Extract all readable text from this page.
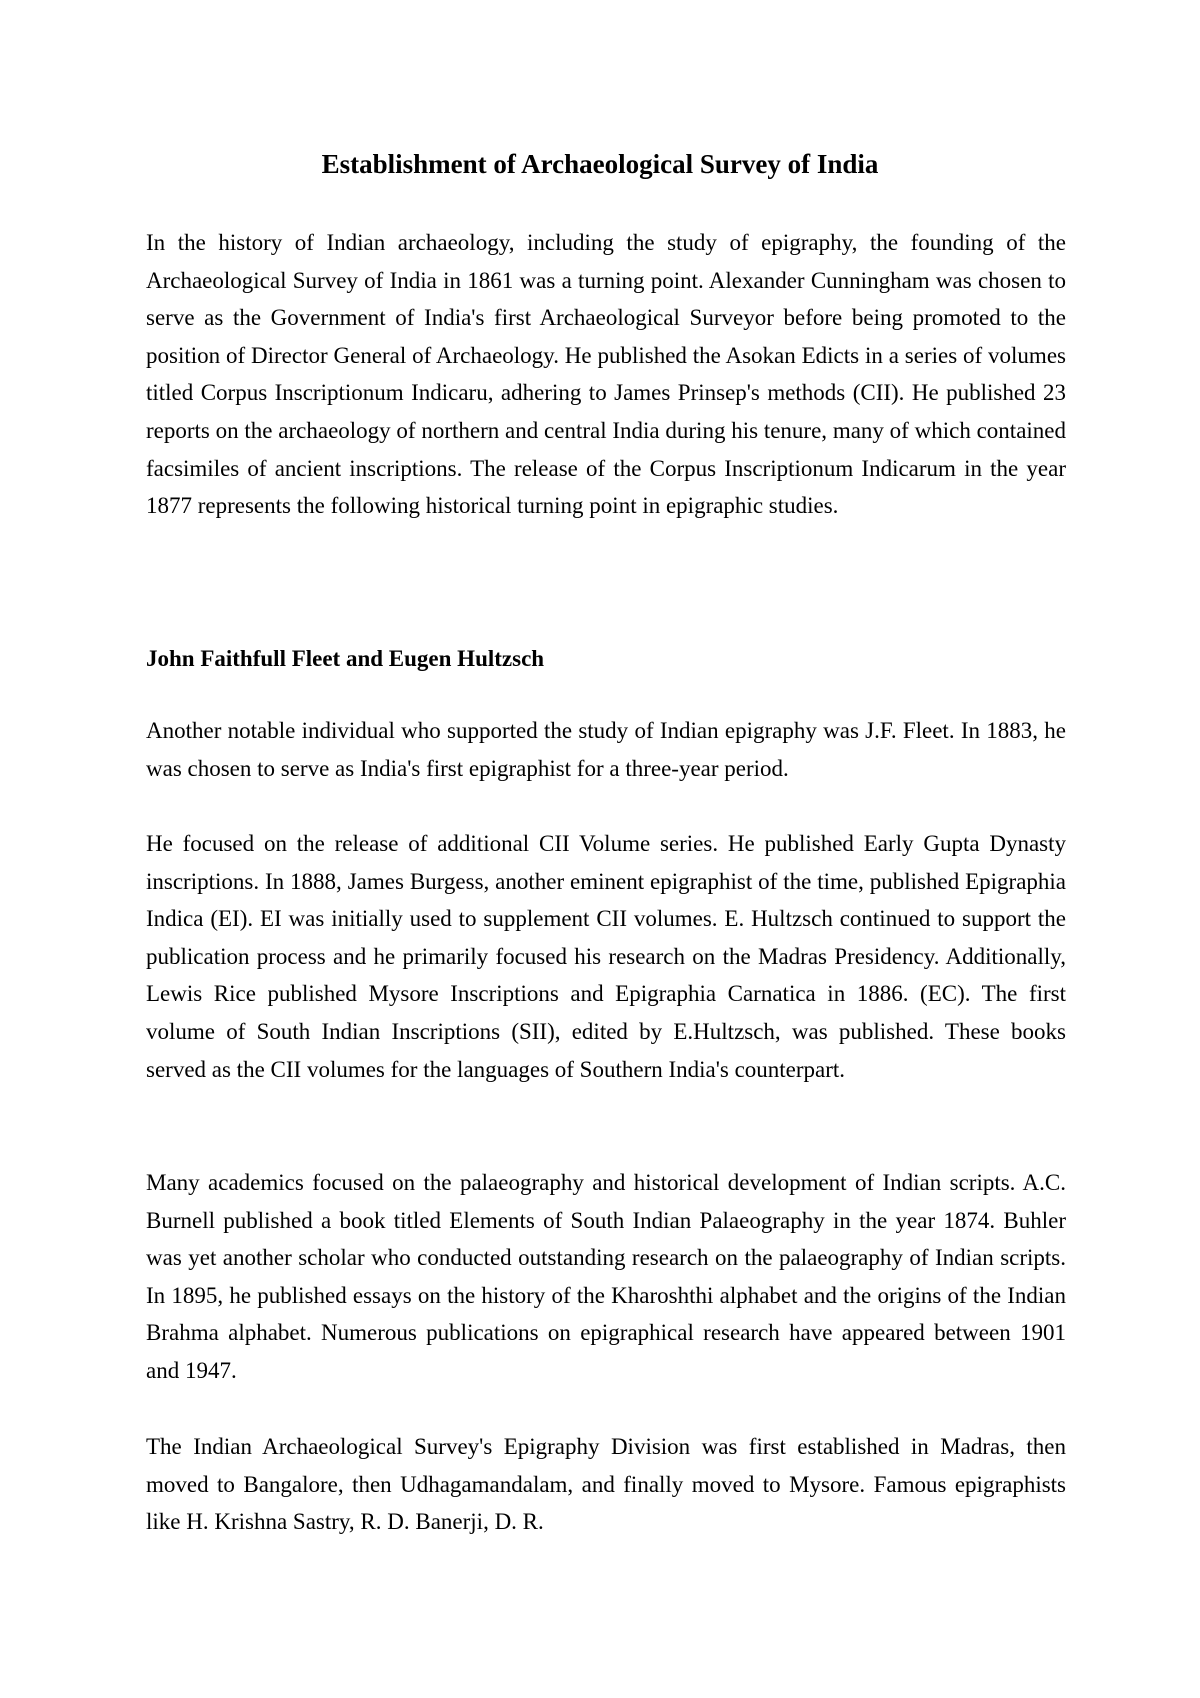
Establishment of Archaeological Survey of India

In the history of Indian archaeology, including the study of epigraphy, the founding of the Archaeological Survey of India in 1861 was a turning point. Alexander Cunningham was chosen to serve as the Government of India's first Archaeological Surveyor before being promoted to the position of Director General of Archaeology. He published the Asokan Edicts in a series of volumes titled Corpus Inscriptionum Indicaru, adhering to James Prinsep's methods (CII). He published 23 reports on the archaeology of northern and central India during his tenure, many of which contained facsimiles of ancient inscriptions. The release of the Corpus Inscriptionum Indicarum in the year 1877 represents the following historical turning point in epigraphic studies.

John Faithfull Fleet and Eugen Hultzsch

Another notable individual who supported the study of Indian epigraphy was J.F. Fleet. In 1883, he was chosen to serve as India's first epigraphist for a three-year period.

He focused on the release of additional CII Volume series. He published Early Gupta Dynasty inscriptions. In 1888, James Burgess, another eminent epigraphist of the time, published Epigraphia Indica (EI). EI was initially used to supplement CII volumes. E. Hultzsch continued to support the publication process and he primarily focused his research on the Madras Presidency. Additionally, Lewis Rice published Mysore Inscriptions and Epigraphia Carnatica in 1886. (EC). The first volume of South Indian Inscriptions (SII), edited by E.Hultzsch, was published. These books served as the CII volumes for the languages of Southern India's counterpart.

Many academics focused on the palaeography and historical development of Indian scripts. A.C. Burnell published a book titled Elements of South Indian Palaeography in the year 1874. Buhler was yet another scholar who conducted outstanding research on the palaeography of Indian scripts. In 1895, he published essays on the history of the Kharoshthi alphabet and the origins of the Indian Brahma alphabet. Numerous publications on epigraphical research have appeared between 1901 and 1947.

The Indian Archaeological Survey's Epigraphy Division was first established in Madras, then moved to Bangalore, then Udhagamandalam, and finally moved to Mysore. Famous epigraphists like H. Krishna Sastry, R. D. Banerji, D. R.
